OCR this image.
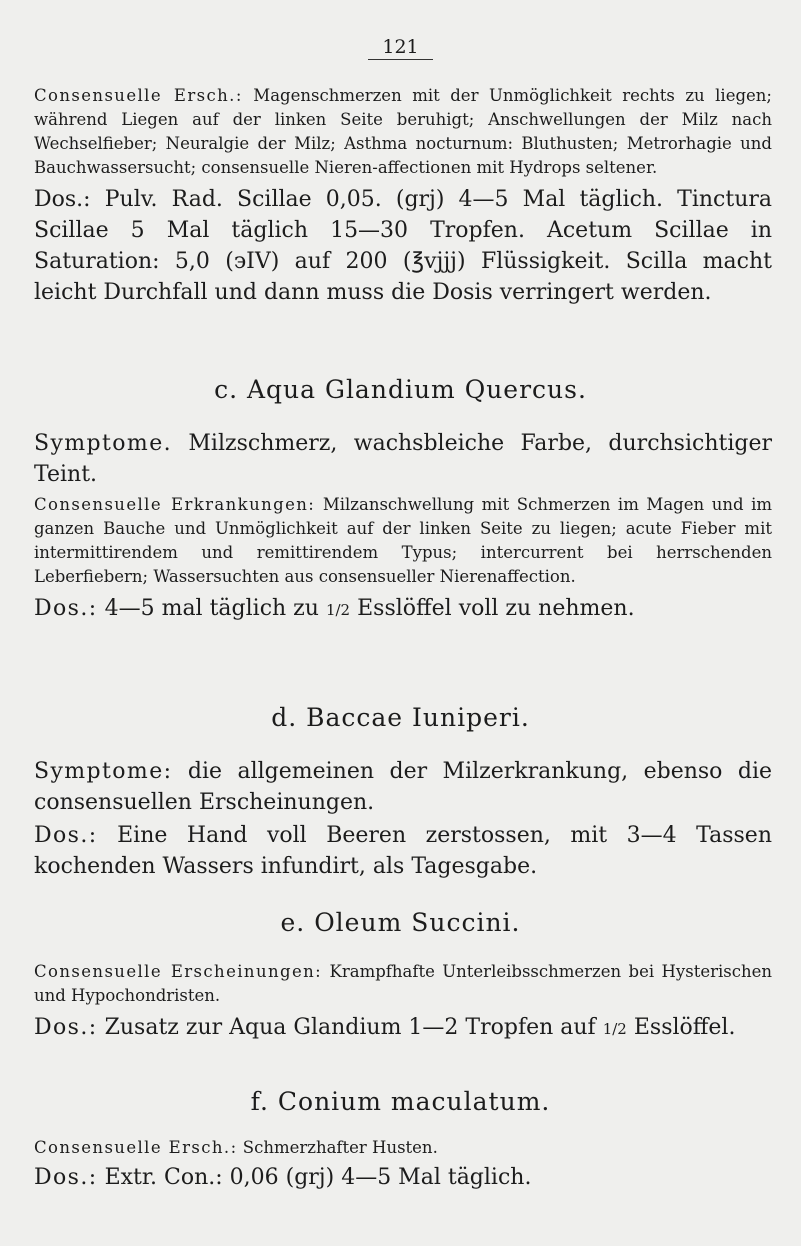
121

Consensuelle Ersch.: Magenschmerzen mit der Unmöglichkeit rechts zu liegen; während Liegen auf der linken Seite beruhigt; Anschwellungen der Milz nach Wechselfieber; Neuralgie der Milz; Asthma nocturnum: Bluthusten; Metrorhagie und Bauchwassersucht; consensuelle Nieren-affectionen mit Hydrops seltener.

Dos.: Pulv. Rad. Scillae 0,05. (grj) 4—5 Mal täglich. Tinctura Scillae 5 Mal täglich 15—30 Tropfen. Acetum Scillae in Saturation: 5,0 (϶IV) auf 200 (℥vjjj) Flüssigkeit. Scilla macht leicht Durchfall und dann muss die Dosis verringert werden.

c. Aqua Glandium Quercus.

Symptome. Milzschmerz, wachsbleiche Farbe, durchsichtiger Teint.

Consensuelle Erkrankungen: Milzanschwellung mit Schmerzen im Magen und im ganzen Bauche und Unmöglichkeit auf der linken Seite zu liegen; acute Fieber mit intermittirendem und remittirendem Typus; intercurrent bei herrschenden Leberfiebern; Wassersuchten aus consensueller Nierenaffection.

Dos.: 4—5 mal täglich zu 1/2 Esslöffel voll zu nehmen.

d. Baccae Iuniperi.

Symptome: die allgemeinen der Milzerkrankung, ebenso die consensuellen Erscheinungen.

Dos.: Eine Hand voll Beeren zerstossen, mit 3—4 Tassen kochenden Wassers infundirt, als Tagesgabe.

e. Oleum Succini.

Consensuelle Erscheinungen: Krampfhafte Unterleibsschmerzen bei Hysterischen und Hypochondristen.

Dos.: Zusatz zur Aqua Glandium 1—2 Tropfen auf 1/2 Esslöffel.

f. Conium maculatum.

Consensuelle Ersch.: Schmerzhafter Husten.

Dos.: Extr. Con.: 0,06 (grj) 4—5 Mal täglich.
